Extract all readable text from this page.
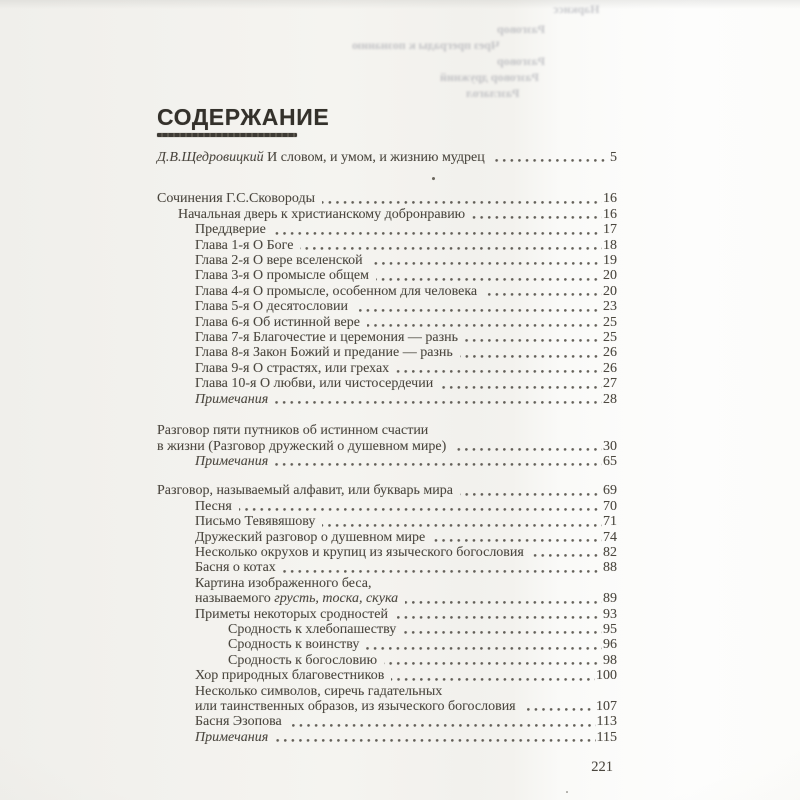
Наркисс
Разговор
Чрез преграды к познанию
Разговор
Разговор дружний
Разглагол
СОДЕРЖАНИЕ
Д.В.Щедровицкий И словом, и умом, и жизнию мудрец	5
Сочинения Г.С.Сковороды	16
Начальная дверь к христианскому добронравию	16
Преддверие	17
Глава 1-я О Боге	18
Глава 2-я О вере вселенской	19
Глава 3-я О промысле общем	20
Глава 4-я О промысле, особенном для человека	20
Глава 5-я О десятословии	23
Глава 6-я Об истинной вере	25
Глава 7-я Благочестие и церемония — разнь	25
Глава 8-я Закон Божий и предание — разнь	26
Глава 9-я О страстях, или грехах	26
Глава 10-я О любви, или чистосердечии	27
Примечания	28
Разговор пяти путников об истинном счастии
в жизни (Разговор дружеский о душевном мире)	30
Примечания	65
Разговор, называемый алфавит, или букварь мира	69
Песня	70
Письмо Тевявяшову	71
Дружеский разговор о душевном мире	74
Несколько окрухов и крупиц из языческого богословия	82
Басня о котах	88
Картина изображенного беса,
называемого грусть, тоска, скука	89
Приметы некоторых сродностей	93
Сродность к хлебопашеству	95
Сродность к воинству	96
Сродность к богословию	98
Хор природных благовестников	100
Несколько символов, сиречь гадательных
или таинственных образов, из языческого богословия	107
Басня Эзопова	113
Примечания	115
221
